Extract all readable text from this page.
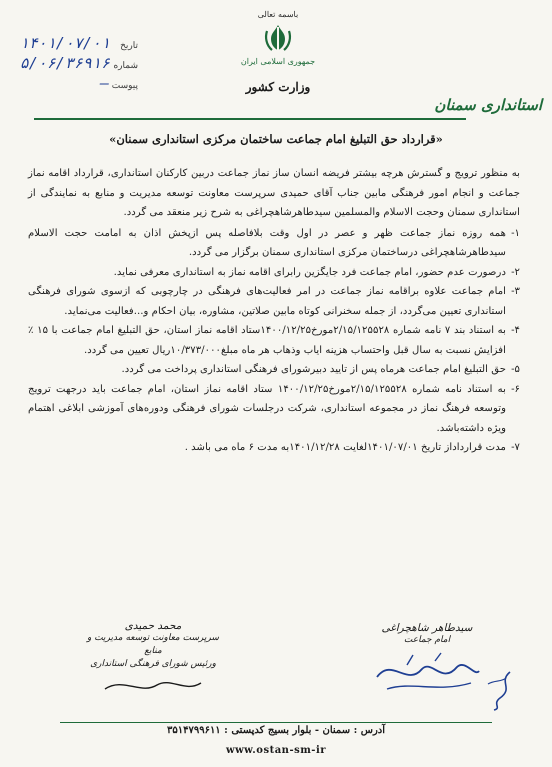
باسمه تعالی
جمهوری اسلامی ایران
وزارت کشور
تاریخ
۱۴۰۱/۰۷/۰۱
شماره
۵/۰۶/۳۶۹۱۶
پیوست
—
استانداری سمنان
«قرارداد حق التبلیغ امام جماعت ساختمان مرکزی استانداری سمنان»

به منظور ترویج و گسترش هرچه بیشتر فریضه انسان ساز نماز جماعت دربین کارکنان استانداری، قرارداد اقامه نماز جماعت و انجام امور فرهنگی مابین جناب آقای حمیدی سرپرست معاونت توسعه مدیریت و منابع به نمایندگی از استانداری سمنان وحجت الاسلام والمسلمین سیدطاهرشاهچراغی به شرح زیر منعقد می گردد.

۱-
همه روزه نماز جماعت ظهر و عصر در اول وقت بلافاصله پس ازپخش اذان به امامت حجت الاسلام سیدطاهرشاهچراغی درساختمان مرکزی استانداری سمنان برگزار می گردد.
۲-
درصورت عدم حضور، امام جماعت فرد جایگزین رابرای اقامه نماز به استانداری معرفی نماید.
۳-
امام جماعت علاوه براقامه نماز جماعت در امر فعالیت‌های فرهنگی در چارچوبی که ازسوی شورای فرهنگی استانداری تعیین می‌گردد، از جمله سخنرانی کوتاه مابین صلاتین، مشاوره، بیان احکام و...فعالیت می‌نماید.
۴-
به استناد بند ۷ نامه شماره ۲/۱۵/۱۲۵۵۲۸مورخ۱۴۰۰/۱۲/۲۵ستاد اقامه نماز استان، حق التبلیغ امام جماعت با ۱۵ ٪ افزایش نسبت به سال قبل واحتساب هزینه ایاب وذهاب هر ماه مبلغ۱۰/۳۷۳/۰۰۰ریال تعیین می گردد.
۵-
حق التبلیغ امام جماعت هرماه پس از تایید دبیرشورای فرهنگی استانداری پرداخت می گردد.
۶-
به استناد نامه شماره ۲/۱۵/۱۲۵۵۲۸مورخ۱۴۰۰/۱۲/۲۵ ستاد اقامه نماز استان، امام جماعت باید درجهت ترویج وتوسعه فرهنگ نماز در مجموعه استانداری، شرکت درجلسات شورای فرهنگی ودوره‌های آموزشی ابلاغی اهتمام ویژه داشته‌باشد.
۷-
مدت قرارداداز تاریخ ۱۴۰۱/۰۷/۰۱لغایت ۱۴۰۱/۱۲/۲۸به مدت ۶ ماه می باشد .
سیدطاهر شاهچراغی
امام جماعت
محمد حمیدی
سرپرست معاونت توسعه مدیریت و منابع
ورئیس شورای فرهنگی استانداری
آدرس : سمنان - بلوار بسیج کدپستی : ۳۵۱۴۷۹۹۶۱۱
www.ostan-sm-ir
